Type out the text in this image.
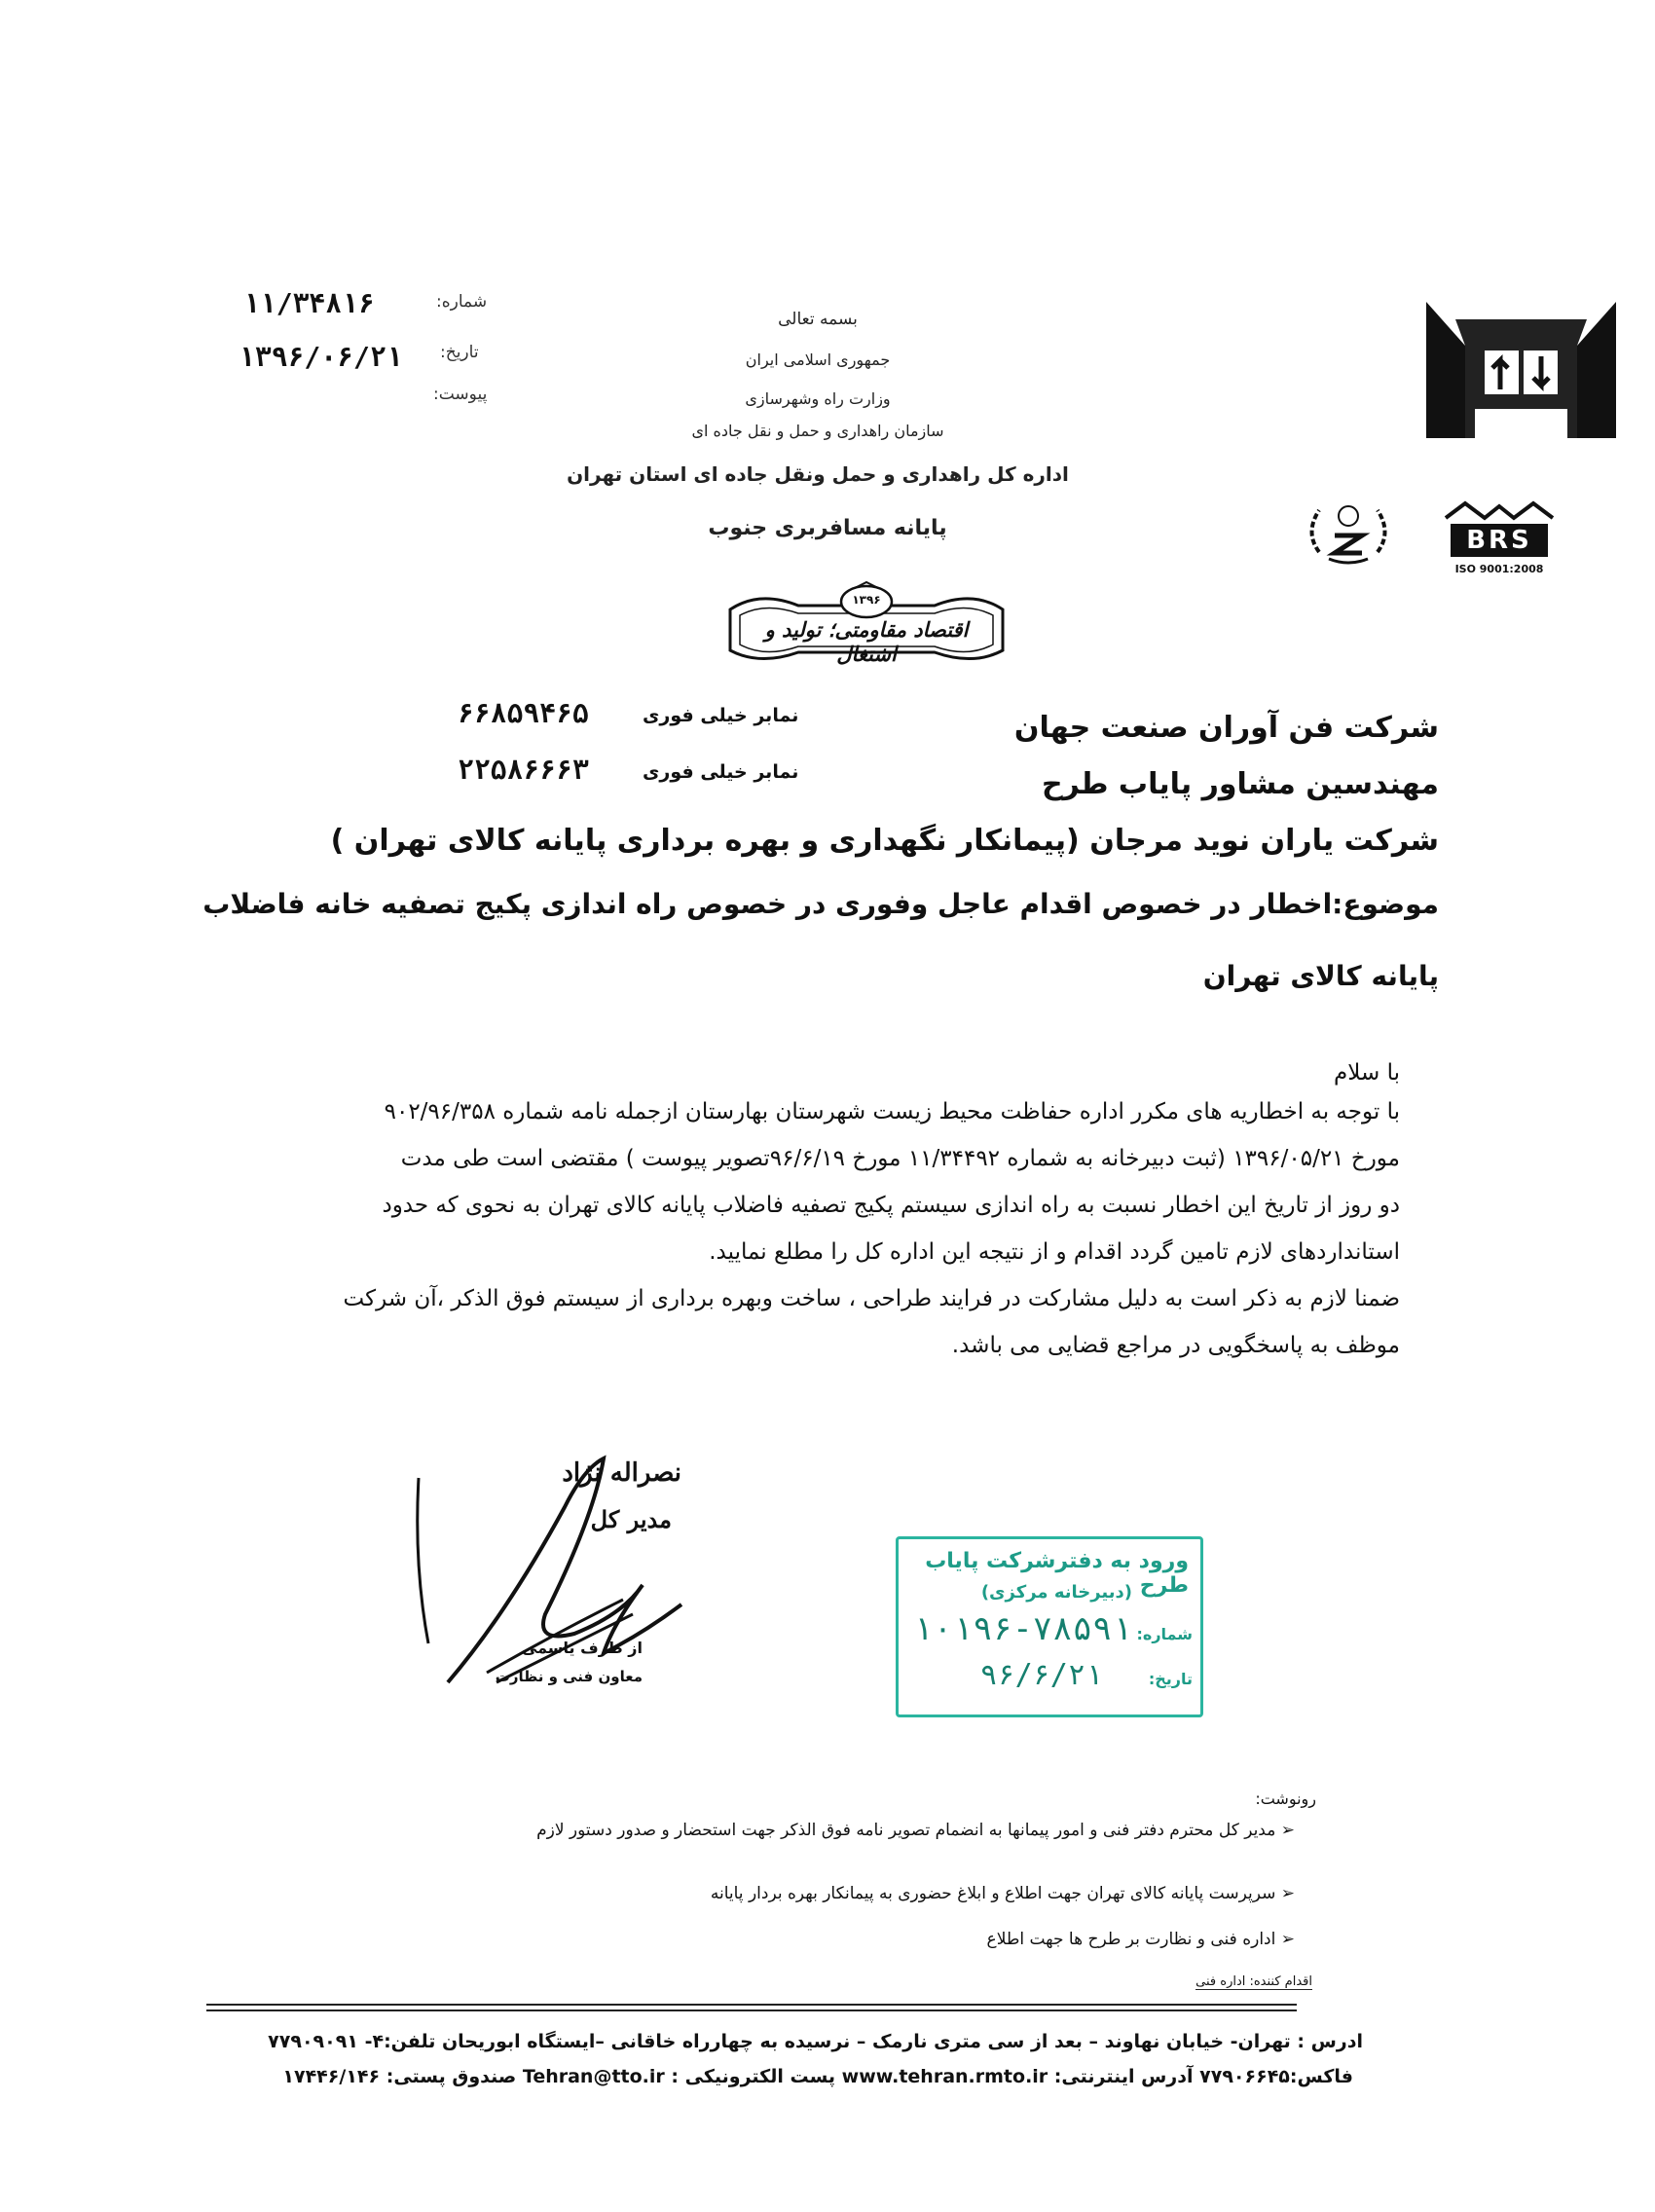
۱۱/۳۴۸۱۶	شماره:
۱۳۹۶/۰۶/۲۱ تاریخ:
پیوست:
بسمه تعالی
جمهوری اسلامی ایران
وزارت راه وشهرسازی
سازمان راهداری و حمل و نقل جاده ای
اداره کل راهداری و حمل ونقل جاده ای استان تهران
پایانه مسافربری جنوب
۱۳۹۶
اقتصاد مقاومتی؛ تولید و اشتغال
BRS
ISO 9001:2008
شرکت فن آوران صنعت جهان
نمابر خیلی فوری
۶۶۸۵۹۴۶۵
مهندسین مشاور پایاب طرح
نمابر خیلی فوری
۲۲۵۸۶۶۶۳
شرکت یاران نوید مرجان (پیمانکار نگهداری و بهره برداری پایانه کالای تهران )
موضوع:اخطار در خصوص اقدام عاجل وفوری در خصوص راه اندازی پکیج تصفیه خانه فاضلاب
پایانه کالای تهران
با سلام
با توجه به اخطاریه های مکرر اداره حفاظت محیط زیست شهرستان بهارستان ازجمله نامه شماره ۹۰۲/۹۶/۳۵۸
مورخ ۱۳۹۶/۰۵/۲۱ (ثبت دبیرخانه به شماره ۱۱/۳۴۴۹۲ مورخ ۹۶/۶/۱۹تصویر پیوست ) مقتضی است طی مدت
دو روز از تاریخ این اخطار نسبت به راه اندازی سیستم پکیج تصفیه فاضلاب پایانه کالای تهران به نحوی که حدود
استانداردهای لازم تامین گردد اقدام و از نتیجه این اداره کل را مطلع نمایید.
ضمنا لازم به ذکر است به دلیل مشارکت در فرایند طراحی ، ساخت وبهره برداری از سیستم فوق الذکر ،آن شرکت
موظف به پاسخگویی در مراجع قضایی می باشد.
نصراله نژاد
مدیر کل
از طرف یاسمی
معاون فنی و نظارت
ورود به دفترشرکت پایاب طرح
(دبیرخانه مرکزی)
شماره:
۱۰۱۹۶-۷۸۵۹۱
تاریخ:
۹۶/۶/۲۱
رونوشت:
➢ مدیر کل محترم دفتر فنی و امور پیمانها به انضمام تصویر نامه فوق الذکر جهت استحضار و صدور دستور لازم
➢ سرپرست پایانه کالای تهران جهت اطلاع و ابلاغ حضوری به پیمانکار بهره بردار پایانه
➢ اداره فنی و نظارت بر طرح ها جهت اطلاع
اقدام کننده: اداره فنی
ادرس : تهران- خیابان نهاوند – بعد از سی متری نارمک – نرسیده به چهارراه خاقانی –ایستگاه ابوریحان تلفن:۴- ۷۷۹۰۹۰۹۱
فاکس:۷۷۹۰۶۶۴۵ آدرس اینترنتی: www.tehran.rmto.ir پست الکترونیکی : Tehran@tto.ir صندوق پستی: ۱۷۴۴۶/۱۴۶
